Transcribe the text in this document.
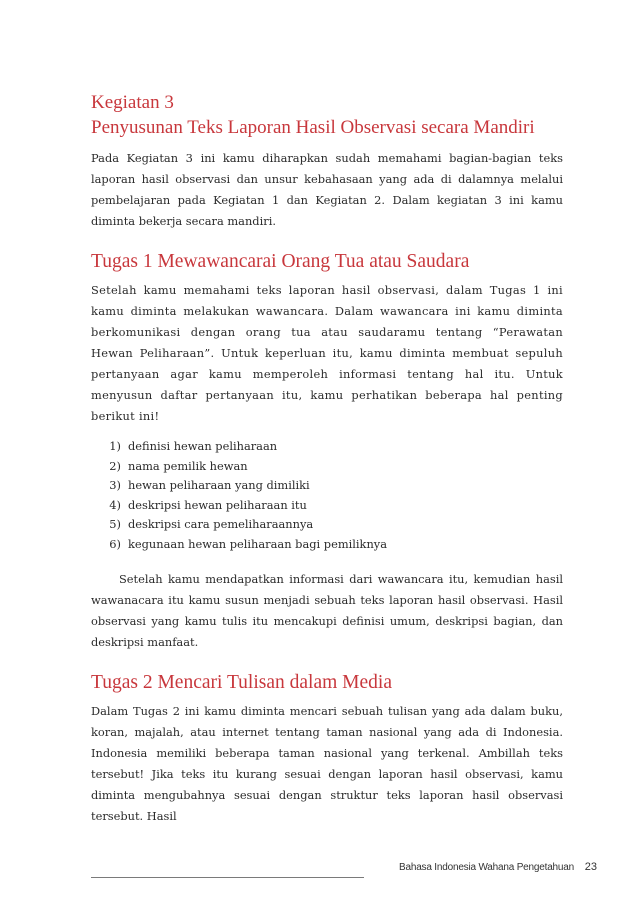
Kegiatan 3
Penyusunan Teks Laporan Hasil Observasi secara Mandiri

Pada Kegiatan 3 ini kamu diharapkan sudah memahami bagian-bagian teks laporan hasil observasi dan unsur kebahasaan yang ada di dalamnya melalui pembelajaran pada Kegiatan 1 dan Kegiatan 2. Dalam kegiatan 3 ini kamu diminta bekerja secara mandiri.

Tugas 1 Mewawancarai Orang Tua atau Saudara

Setelah kamu memahami teks laporan hasil observasi, dalam Tugas 1 ini kamu diminta melakukan wawancara. Dalam wawancara ini kamu diminta berkomunikasi dengan orang tua atau saudaramu tentang “Perawatan Hewan Peliharaan”. Untuk keperluan itu, kamu diminta membuat sepuluh pertanyaan agar kamu memperoleh informasi tentang hal itu. Untuk menyusun daftar pertanyaan itu, kamu perhatikan beberapa hal penting berikut ini!

1) definisi hewan peliharaan
2) nama pemilik hewan
3) hewan peliharaan yang dimiliki
4) deskripsi hewan peliharaan itu
5) deskripsi cara pemeliharaannya
6) kegunaan hewan peliharaan bagi pemiliknya

Setelah kamu mendapatkan informasi dari wawancara itu, kemudian hasil wawanacara itu kamu susun menjadi sebuah teks laporan hasil observasi. Hasil observasi yang kamu tulis itu mencakupi definisi umum, deskripsi bagian, dan deskripsi manfaat.

Tugas 2 Mencari Tulisan dalam Media

Dalam Tugas 2 ini kamu diminta mencari sebuah tulisan yang ada dalam buku, koran, majalah, atau internet tentang taman nasional yang ada di Indonesia. Indonesia memiliki beberapa taman nasional yang terkenal. Ambillah teks tersebut! Jika teks itu kurang sesuai dengan laporan hasil observasi, kamu diminta mengubahnya sesuai dengan struktur teks laporan hasil observasi tersebut. Hasil

Bahasa Indonesia Wahana Pengetahuan 23
